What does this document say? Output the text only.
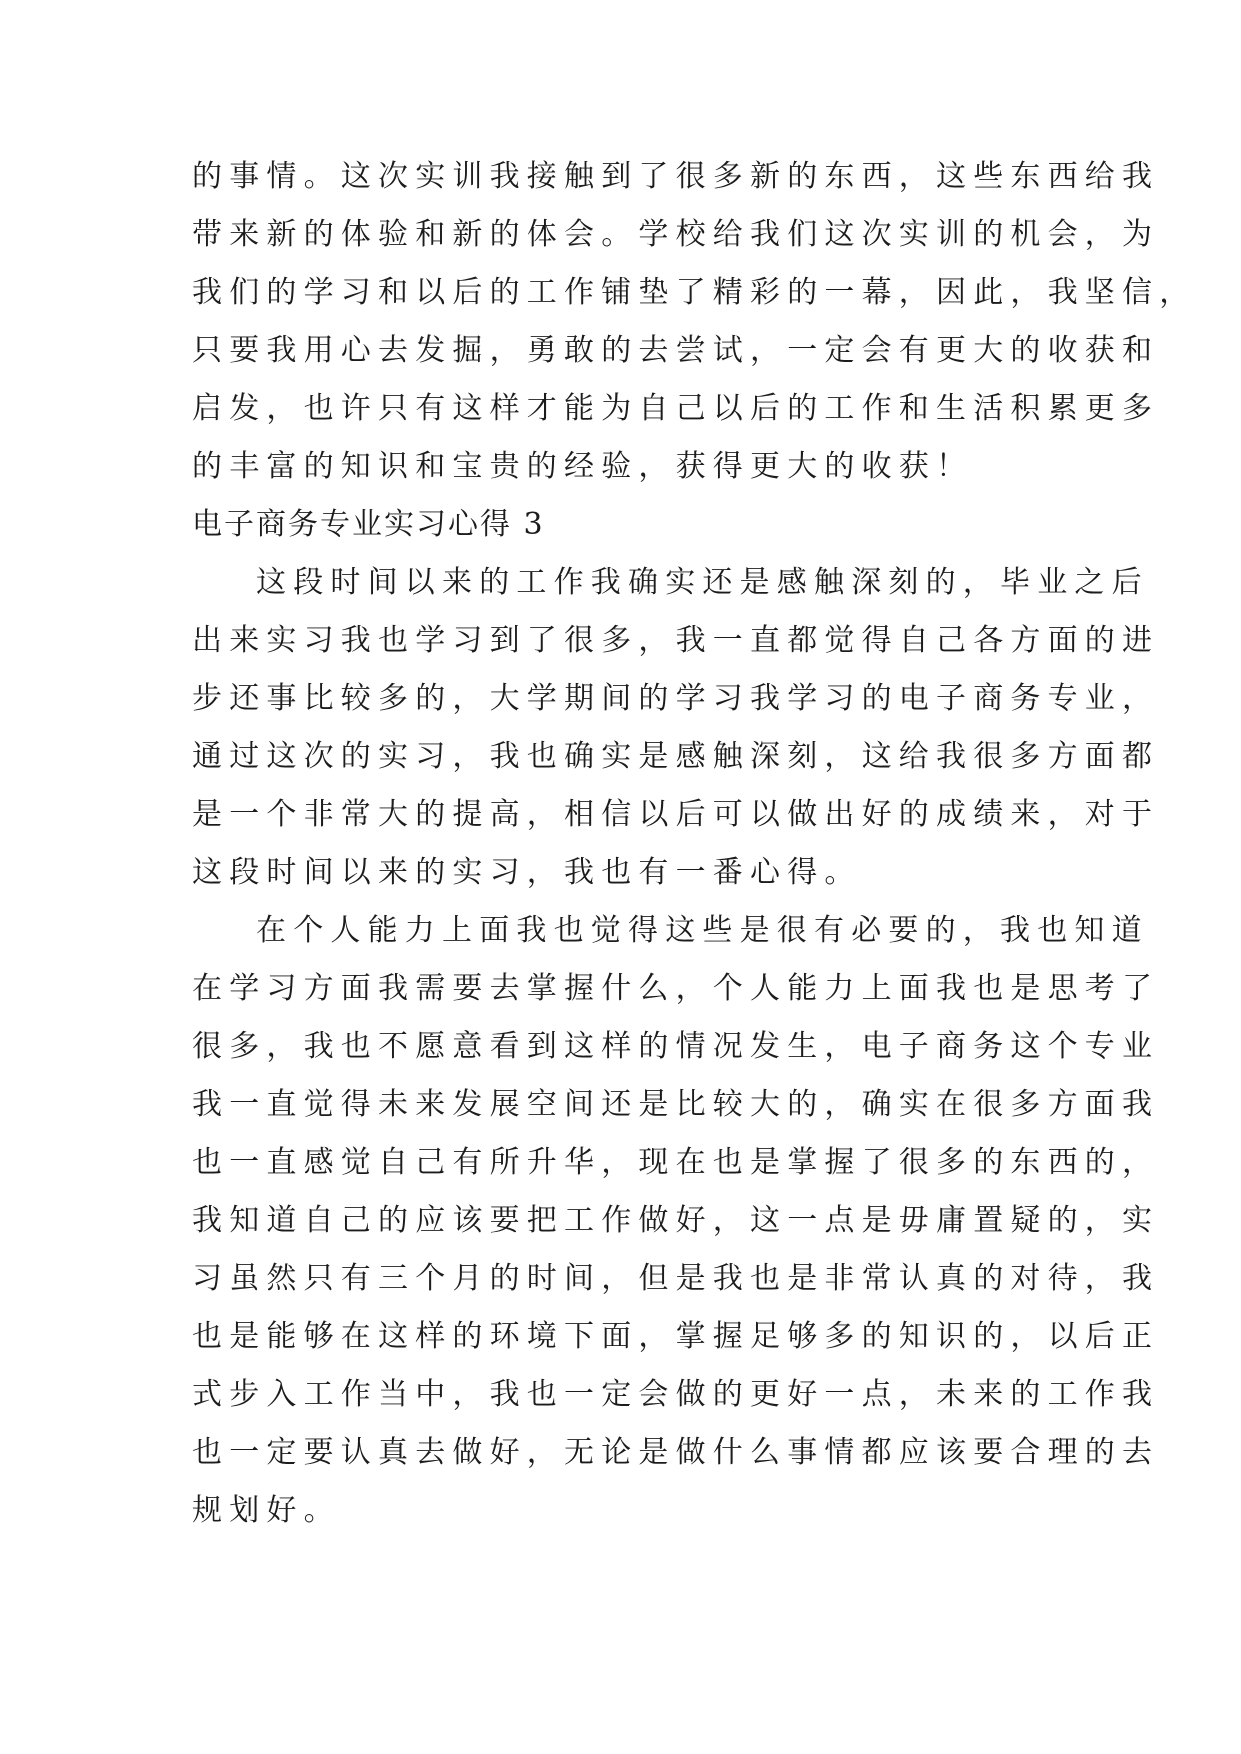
的事情。这次实训我接触到了很多新的东西，这些东西给我
带来新的体验和新的体会。学校给我们这次实训的机会，为
我们的学习和以后的工作铺垫了精彩的一幕，因此，我坚信，
只要我用心去发掘，勇敢的去尝试，一定会有更大的收获和
启发，也许只有这样才能为自己以后的工作和生活积累更多
的丰富的知识和宝贵的经验，获得更大的收获！
电子商务专业实习心得 3
这段时间以来的工作我确实还是感触深刻的，毕业之后
出来实习我也学习到了很多，我一直都觉得自己各方面的进
步还事比较多的，大学期间的学习我学习的电子商务专业，
通过这次的实习，我也确实是感触深刻，这给我很多方面都
是一个非常大的提高，相信以后可以做出好的成绩来，对于
这段时间以来的实习，我也有一番心得。
在个人能力上面我也觉得这些是很有必要的，我也知道
在学习方面我需要去掌握什么，个人能力上面我也是思考了
很多，我也不愿意看到这样的情况发生，电子商务这个专业
我一直觉得未来发展空间还是比较大的，确实在很多方面我
也一直感觉自己有所升华，现在也是掌握了很多的东西的，
我知道自己的应该要把工作做好，这一点是毋庸置疑的，实
习虽然只有三个月的时间，但是我也是非常认真的对待，我
也是能够在这样的环境下面，掌握足够多的知识的，以后正
式步入工作当中，我也一定会做的更好一点，未来的工作我
也一定要认真去做好，无论是做什么事情都应该要合理的去
规划好。
